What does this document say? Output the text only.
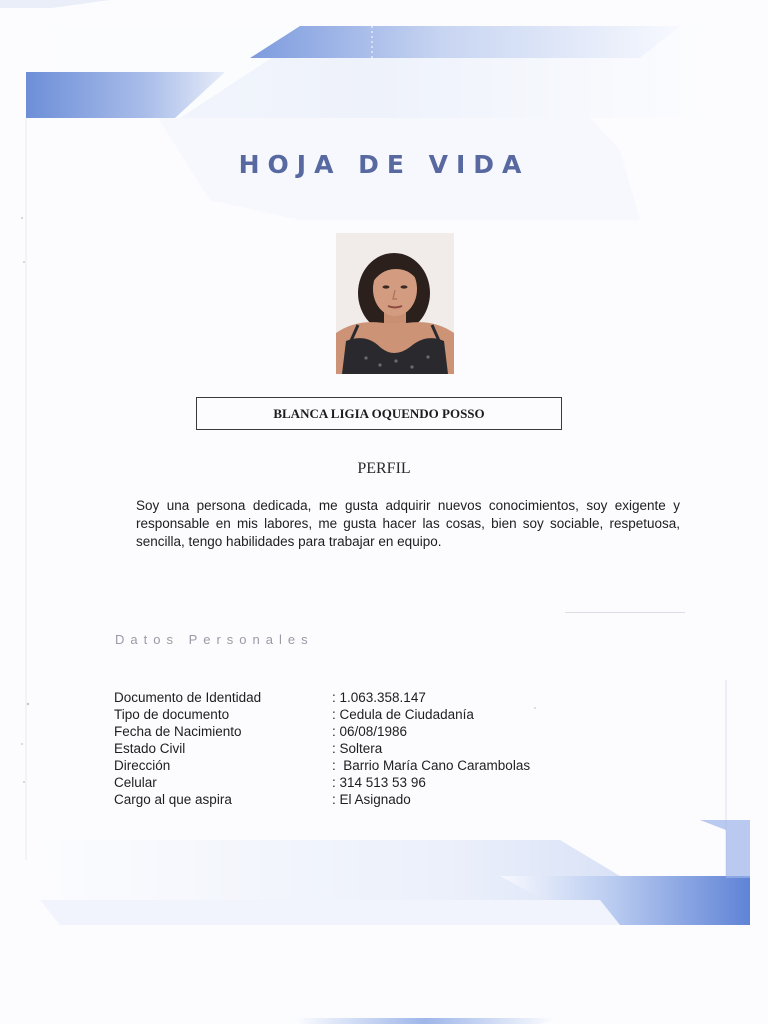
HOJA DE VIDA
BLANCA LIGIA OQUENDO POSSO
PERFIL
Soy una persona dedicada, me gusta adquirir nuevos conocimientos, soy exigente y responsable en mis labores, me gusta hacer las cosas, bien soy sociable, respetuosa, sencilla, tengo habilidades para trabajar en equipo.
Datos Personales
Documento de Identidad	: 1.063.358.147
Tipo de documento	: Cedula de Ciudadanía
Fecha de Nacimiento	: 06/08/1986
Estado Civil	: Soltera
Dirección	:  Barrio María Cano Carambolas
Celular	: 314 513 53 96
Cargo al que aspira	: El Asignado
